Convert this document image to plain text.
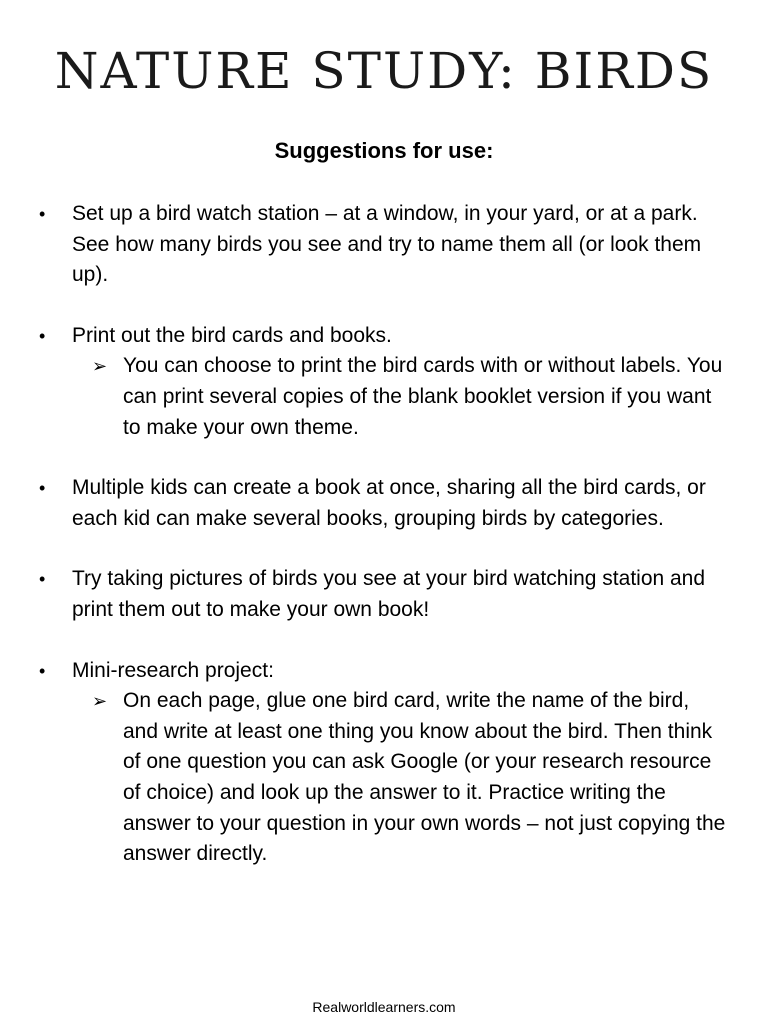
NATURE STUDY: BIRDS
Suggestions for use:
• Set up a bird watch station – at a window, in your yard, or at a park. See how many birds you see and try to name them all (or look them up).
• Print out the bird cards and books.
➢ You can choose to print the bird cards with or without labels. You can print several copies of the blank booklet version if you want to make your own theme.
• Multiple kids can create a book at once, sharing all the bird cards, or each kid can make several books, grouping birds by categories.
• Try taking pictures of birds you see at your bird watching station and print them out to make your own book!
• Mini-research project:
➢ On each page, glue one bird card, write the name of the bird, and write at least one thing you know about the bird. Then think of one question you can ask Google (or your research resource of choice) and look up the answer to it. Practice writing the answer to your question in your own words – not just copying the answer directly.
Realworldlearners.com
